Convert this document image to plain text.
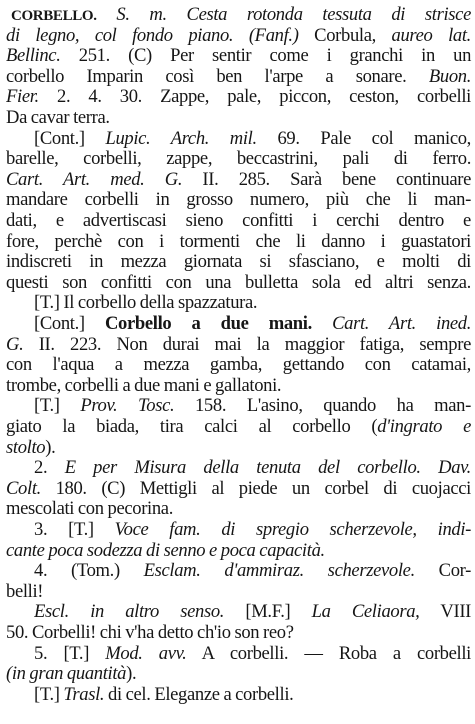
CORBELLO. S. m. Cesta rotonda tessuta di strisce
di legno, col fondo piano. (Fanf.) Corbula, aureo lat.
Bellinc. 251. (C) Per sentir come i granchi in un
corbello Imparin così ben l'arpe a sonare. Buon.
Fier. 2. 4. 30. Zappe, pale, piccon, ceston, corbelli
Da cavar terra.
[Cont.] Lupic. Arch. mil. 69. Pale col manico,
barelle, corbelli, zappe, beccastrini, pali di ferro.
Cart. Art. med. G. II. 285. Sarà bene continuare
mandare corbelli in grosso numero, più che li man-
dati, e advertiscasi sieno confitti i cerchi dentro e
fore, perchè con i tormenti che li danno i guastatori
indiscreti in mezza giornata si sfasciano, e molti di
questi son confitti con una bulletta sola ed altri senza.
[T.] Il corbello della spazzatura.
[Cont.] Corbello a due mani. Cart. Art. ined.
G. II. 223. Non durai mai la maggior fatiga, sempre
con l'aqua a mezza gamba, gettando con catamai,
trombe, corbelli a due mani e gallatoni.
[T.] Prov. Tosc. 158. L'asino, quando ha man-
giato la biada, tira calci al corbello (d'ingrato e
stolto).
2. E per Misura della tenuta del corbello. Dav.
Colt. 180. (C) Mettigli al piede un corbel di cuojacci
mescolati con pecorina.
3. [T.] Voce fam. di spregio scherzevole, indi-
cante poca sodezza di senno e poca capacità.
4. (Tom.) Esclam. d'ammiraz. scherzevole. Cor-
belli!
Escl. in altro senso. [M.F.] La Celiaora, VIII
50. Corbelli! chi v'ha detto ch'io son reo?
5. [T.] Mod. avv. A corbelli. — Roba a corbelli
(in gran quantità).
[T.] Trasl. di cel. Eleganze a corbelli.
